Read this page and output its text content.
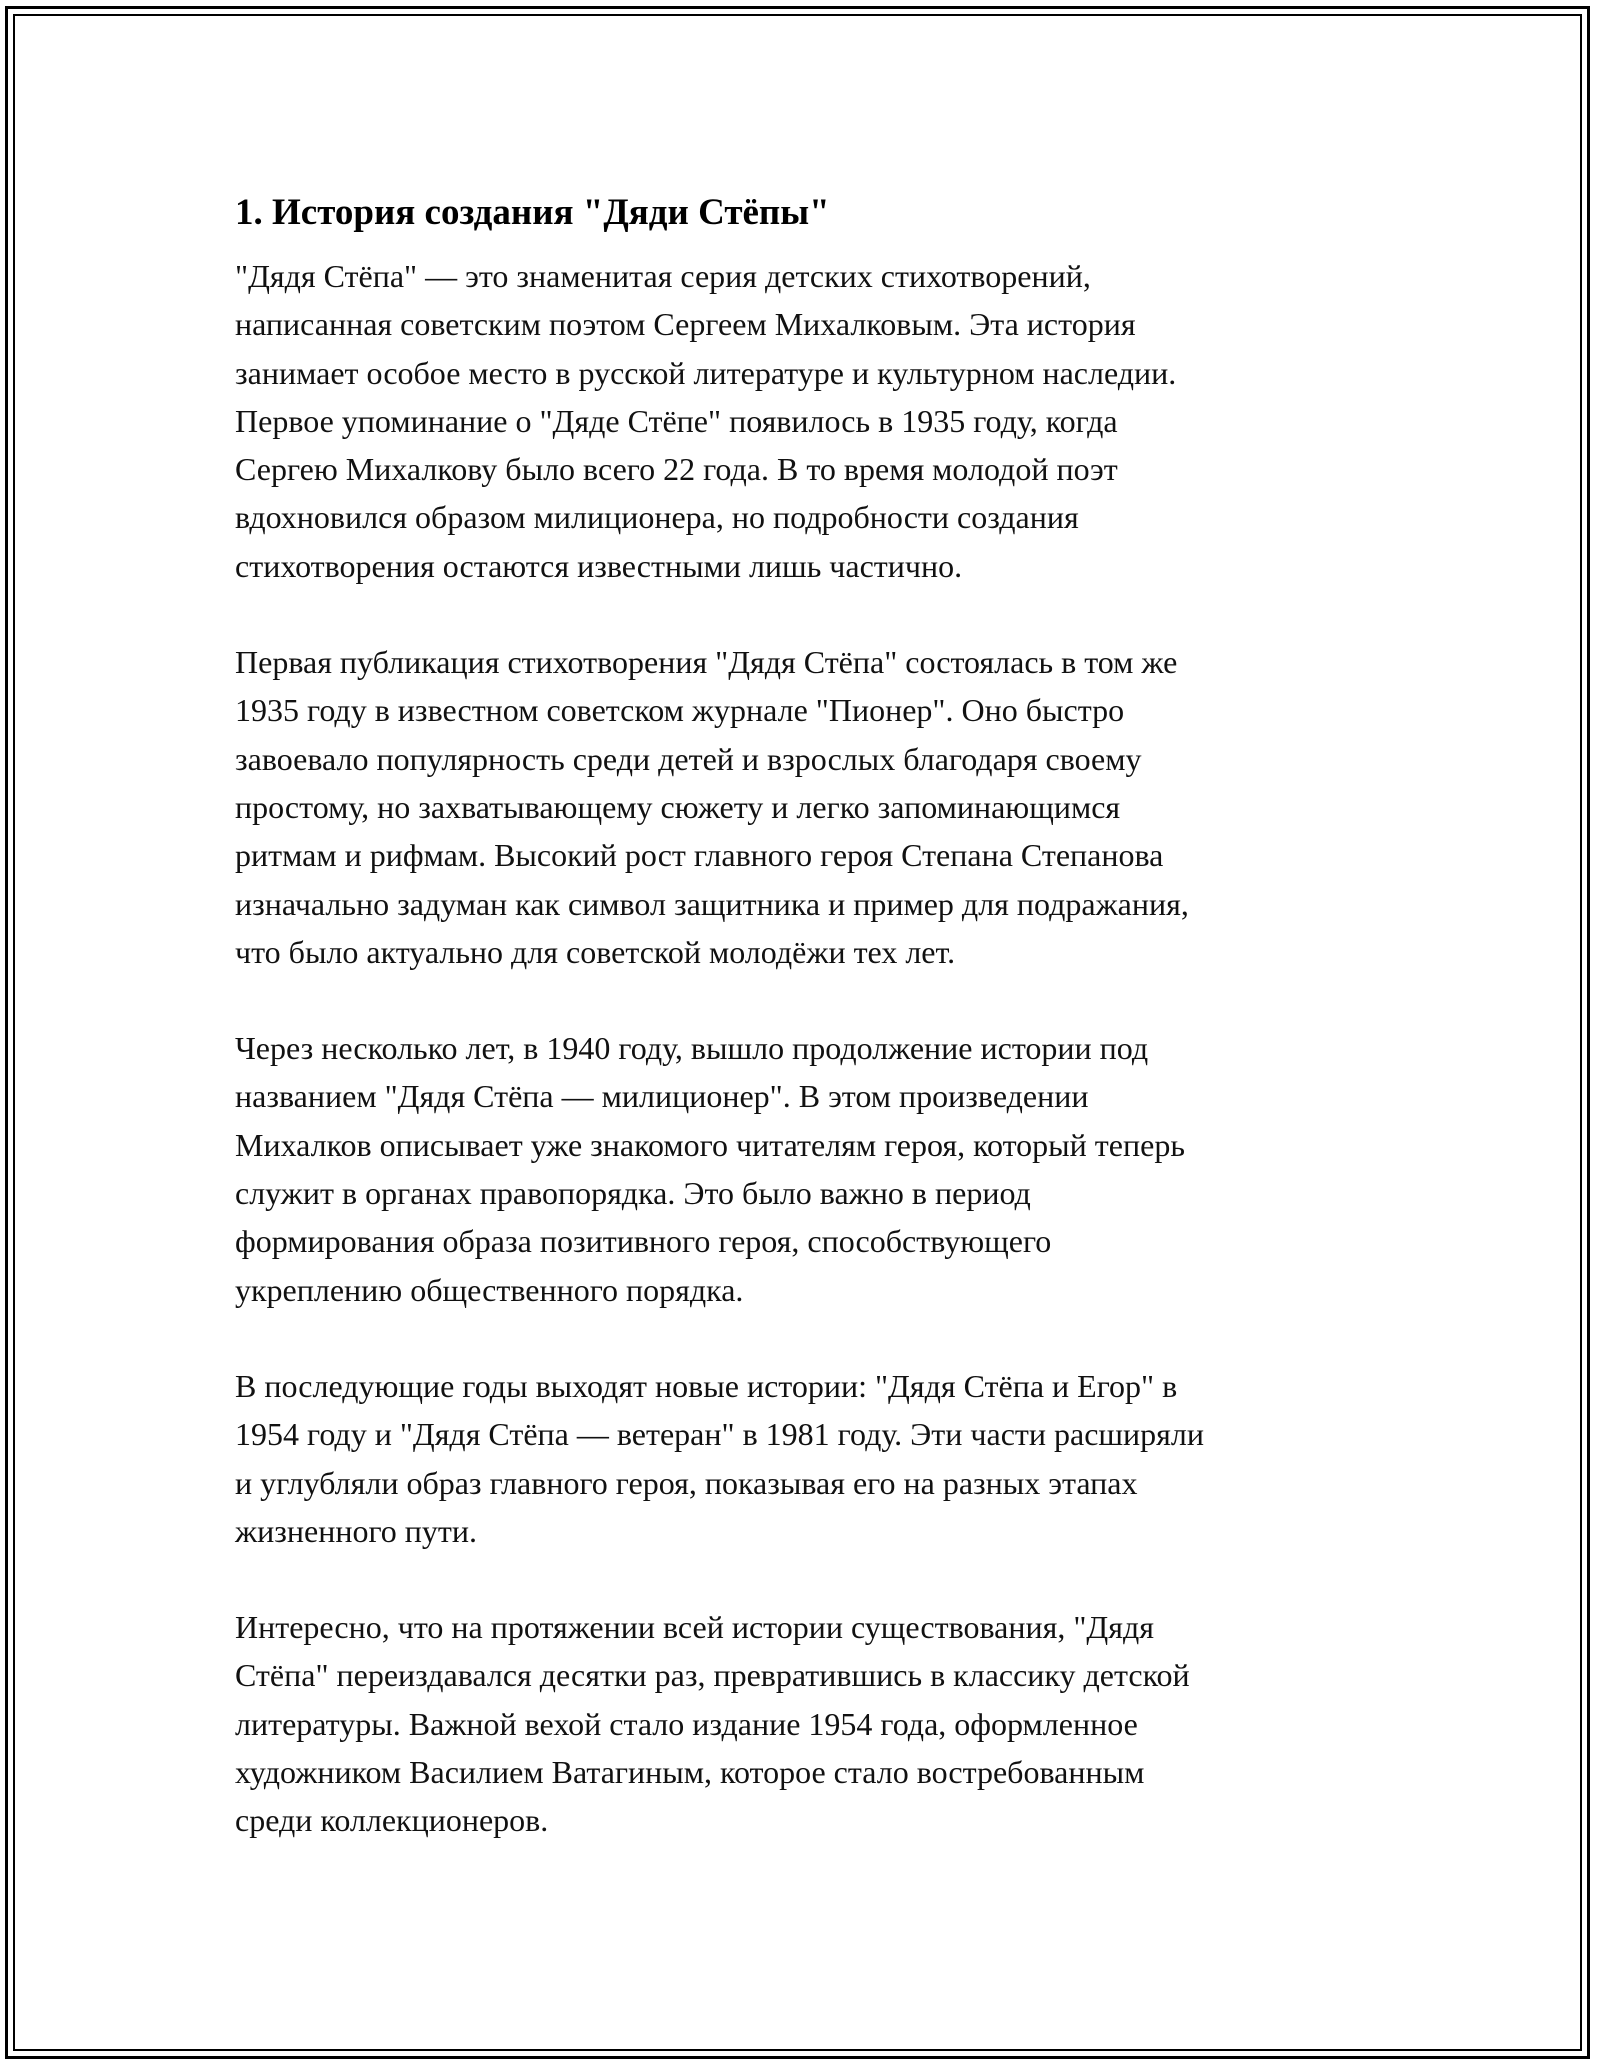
1. История создания "Дяди Стёпы"

"Дядя Стёпа" — это знаменитая серия детских стихотворений,
написанная советским поэтом Сергеем Михалковым. Эта история
занимает особое место в русской литературе и культурном наследии.
Первое упоминание о "Дяде Стёпе" появилось в 1935 году, когда
Сергею Михалкову было всего 22 года. В то время молодой поэт
вдохновился образом милиционера, но подробности создания
стихотворения остаются известными лишь частично.

Первая публикация стихотворения "Дядя Стёпа" состоялась в том же
1935 году в известном советском журнале "Пионер". Оно быстро
завоевало популярность среди детей и взрослых благодаря своему
простому, но захватывающему сюжету и легко запоминающимся
ритмам и рифмам. Высокий рост главного героя Степана Степанова
изначально задуман как символ защитника и пример для подражания,
что было актуально для советской молодёжи тех лет.

Через несколько лет, в 1940 году, вышло продолжение истории под
названием "Дядя Стёпа — милиционер". В этом произведении
Михалков описывает уже знакомого читателям героя, который теперь
служит в органах правопорядка. Это было важно в период
формирования образа позитивного героя, способствующего
укреплению общественного порядка.

В последующие годы выходят новые истории: "Дядя Стёпа и Егор" в
1954 году и "Дядя Стёпа — ветеран" в 1981 году. Эти части расширяли
и углубляли образ главного героя, показывая его на разных этапах
жизненного пути.

Интересно, что на протяжении всей истории существования, "Дядя
Стёпа" переиздавался десятки раз, превратившись в классику детской
литературы. Важной вехой стало издание 1954 года, оформленное
художником Василием Ватагиным, которое стало востребованным
среди коллекционеров.
